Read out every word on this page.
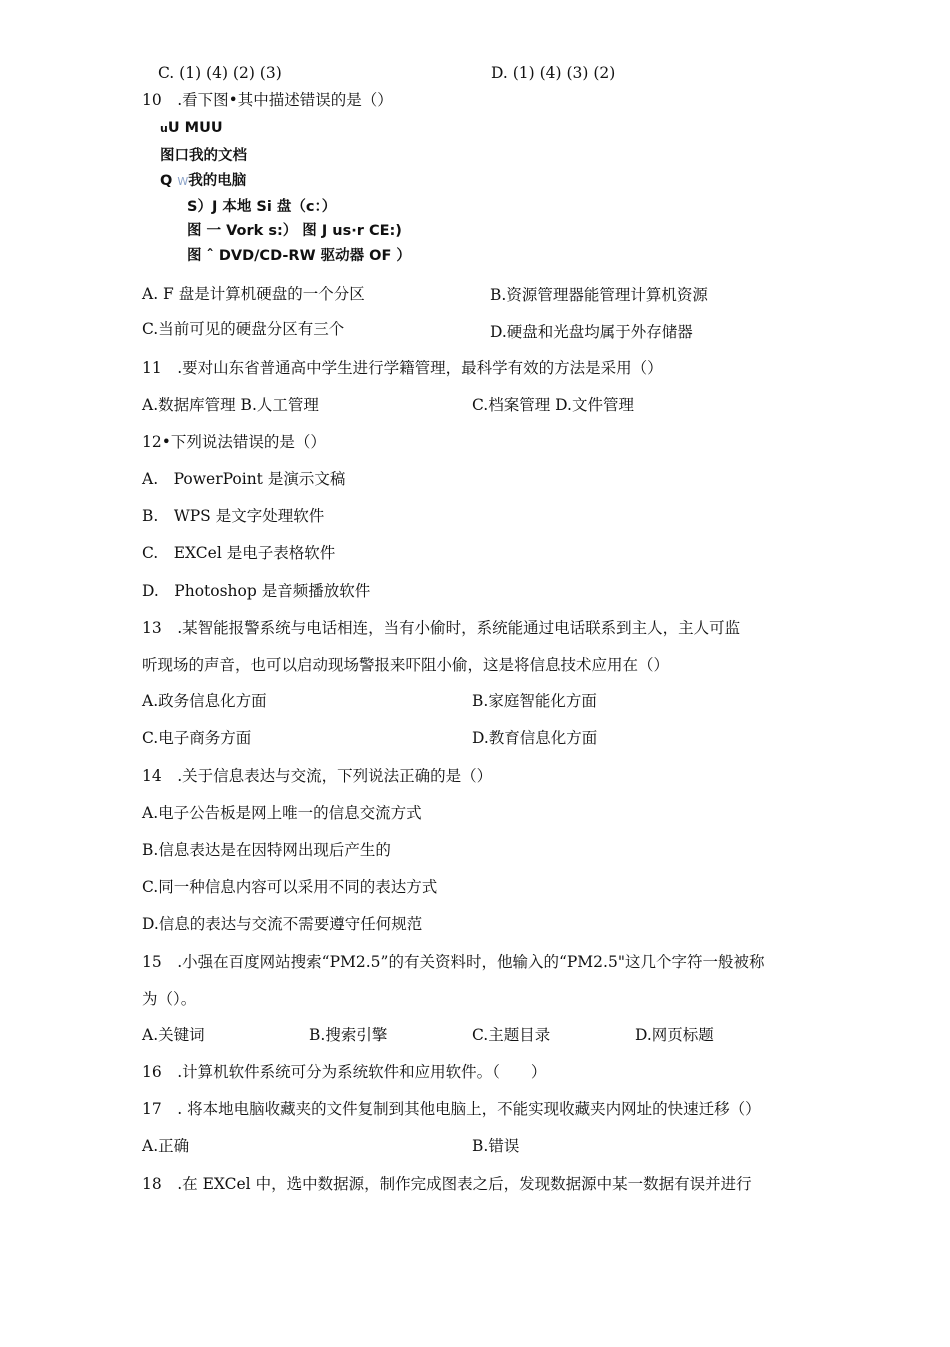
C. (1) (4) (2) (3)	D. (1) (4) (3) (2)
10　.看下图•其中描述错误的是（）
uU MUU
图口我的文档
Q W我的电脑
S）J 本地 Si 盘（c：）
图 一 Vork s:） 图 J us·r CE:)
图 ˆ DVD/CD-RW 驱动器 OF ）
A. F 盘是计算机硬盘的一个分区	B.资源管理器能管理计算机资源
C.当前可见的硬盘分区有三个	D.硬盘和光盘均属于外存储器
11　.要对山东省普通高中学生进行学籍管理，最科学有效的方法是采用（）
A.数据库管理 B.人工管理	C.档案管理 D.文件管理
12•下列说法错误的是（）
A.　PowerPoint 是演示文稿
B.　WPS 是文字处理软件
C.　EXCel 是电子表格软件
D.　Photoshop 是音频播放软件
13　.某智能报警系统与电话相连，当有小偷时，系统能通过电话联系到主人，主人可监
听现场的声音，也可以启动现场警报来吓阻小偷，这是将信息技术应用在（）
A.政务信息化方面	B.家庭智能化方面
C.电子商务方面	D.教育信息化方面
14　.关于信息表达与交流，下列说法正确的是（）
A.电子公告板是网上唯一的信息交流方式
B.信息表达是在因特网出现后产生的
C.同一种信息内容可以采用不同的表达方式
D.信息的表达与交流不需要遵守任何规范
15　.小强在百度网站搜索“PM2.5”的有关资料时，他输入的“PM2.5"这几个字符一般被称
为（）。
A.关键词	B.搜索引擎	C.主题目录	D.网页标题
16　.计算机软件系统可分为系统软件和应用软件。（　　）
17　. 将本地电脑收藏夹的文件复制到其他电脑上，不能实现收藏夹内网址的快速迁移（）
A.正确	B.错误
18　.在 EXCel 中，选中数据源，制作完成图表之后，发现数据源中某一数据有误并进行
